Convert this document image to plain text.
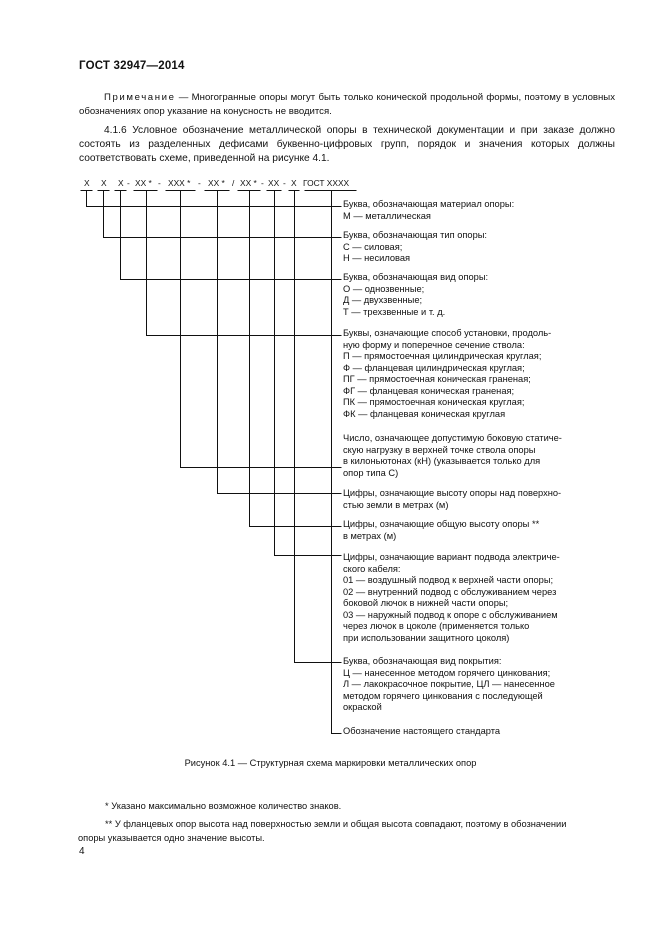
ГОСТ 32947—2014
Примечание — Многогранные опоры могут быть только конической продольной формы, поэтому в условных обозначениях опор указание на конусность не вводится.
4.1.6 Условное обозначение металлической опоры в технической документации и при заказе должно состоять из разделенных дефисами буквенно-цифровых групп, порядок и значения которых должны соответствовать схеме, приведенной на рисунке 4.1.
Х Х Х - ХХ * - ХХХ * - ХХ * / ХХ * - ХХ - Х ГОСТ ХХХХ
Буква, обозначающая материал опоры:
М — металлическая
Буква, обозначающая тип опоры:
С — силовая;
Н — несиловая
Буква, обозначающая вид опоры:
О — однозвенные;
Д — двухзвенные;
Т — трехзвенные и т. д.
Буквы, означающие способ установки, продоль-
ную форму и поперечное сечение ствола:
П — прямостоечная цилиндрическая круглая;
Ф — фланцевая цилиндрическая круглая;
ПГ — прямостоечная коническая граненая;
ФГ — фланцевая коническая граненая;
ПК — прямостоечная коническая круглая;
ФК — фланцевая коническая круглая
Число, означающее допустимую боковую статиче-
скую нагрузку в верхней точке ствола опоры
в килоньютонах (кН) (указывается только для
опор типа С)
Цифры, означающие высоту опоры над поверхно-
стью земли в метрах (м)
Цифры, означающие общую высоту опоры **
в метрах (м)
Цифры, означающие вариант подвода электриче-
ского кабеля:
01 — воздушный подвод к верхней части опоры;
02 — внутренний подвод с обслуживанием через
боковой лючок в нижней части опоры;
03 — наружный подвод к опоре с обслуживанием
через лючок в цоколе (применяется только
при использовании защитного цоколя)
Буква, обозначающая вид покрытия:
Ц — нанесенное методом горячего цинкования;
Л — лакокрасочное покрытие, ЦЛ — нанесенное
методом горячего цинкования с последующей
окраской
Обозначение настоящего стандарта
Рисунок 4.1 — Структурная схема маркировки металлических опор
* Указано максимально возможное количество знаков.
** У фланцевых опор высота над поверхностью земли и общая высота совпадают, поэтому в обозначении
опоры указывается одно значение высоты.
4
